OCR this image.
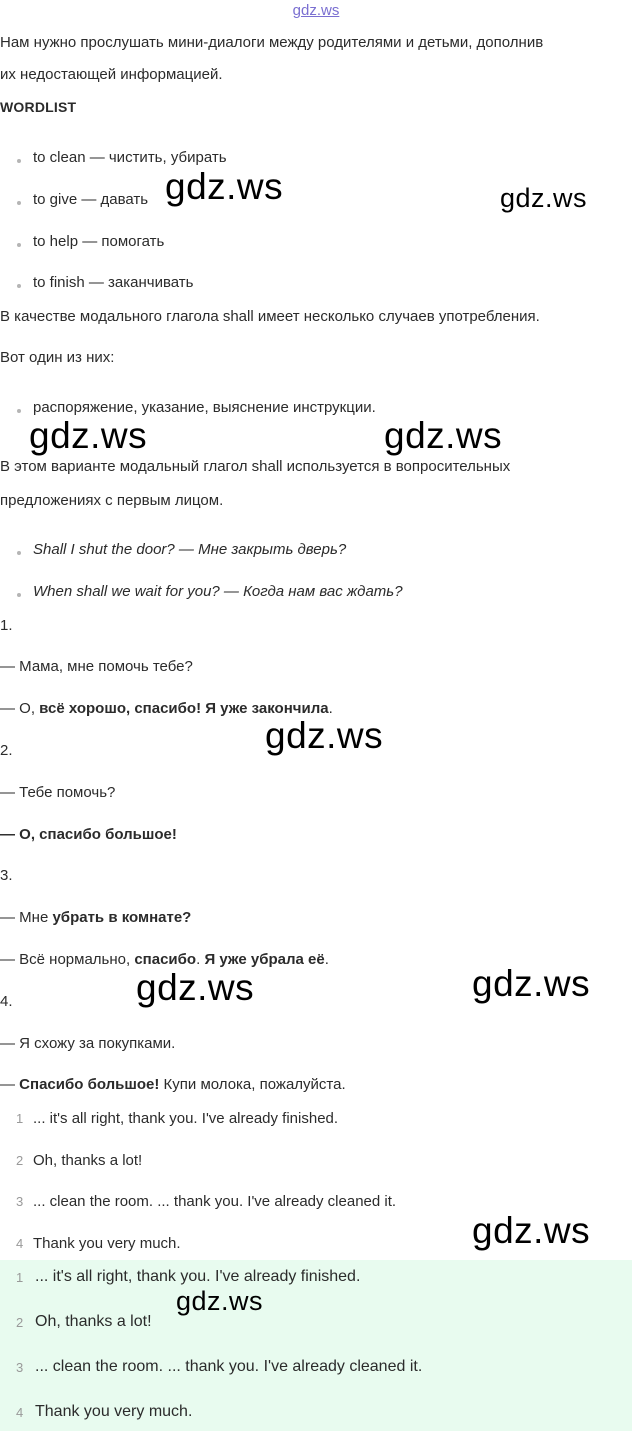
gdz.ws
Нам нужно прослушать мини-диалоги между родителями и детьми, дополнив
их недостающей информацией.
WORDLIST
to clean — чистить, убирать
to give — давать
to help — помогать
to finish — заканчивать
В качестве модального глагола shall имеет несколько случаев употребления.
Вот один из них:
распоряжение, указание, выяснение инструкции.
В этом варианте модальный глагол shall используется в вопросительных
предложениях с первым лицом.
Shall I shut the door? — Мне закрыть дверь?
When shall we wait for you? — Когда нам вас ждать?
1.
— Мама, мне помочь тебе?
— О, всё хорошо, спасибо! Я уже закончила.
2.
— Тебе помочь?
— О, спасибо большое!
3.
— Мне убрать в комнате?
— Всё нормально, спасибо. Я уже убрала её.
4.
— Я схожу за покупками.
— Спасибо большое! Купи молока, пожалуйста.
1 ... it's all right, thank you. I've already finished.
2 Oh, thanks a lot!
3 ... clean the room. ... thank you. I've already cleaned it.
4 Thank you very much.
1 ... it's all right, thank you. I've already finished.
2 Oh, thanks a lot!
3 ... clean the room. ... thank you. I've already cleaned it.
4 Thank you very much.
gdz.ws	gdz.ws
gdz.ws	gdz.ws
gdz.ws
gdz.ws	gdz.ws
gdz.ws
gdz.ws
